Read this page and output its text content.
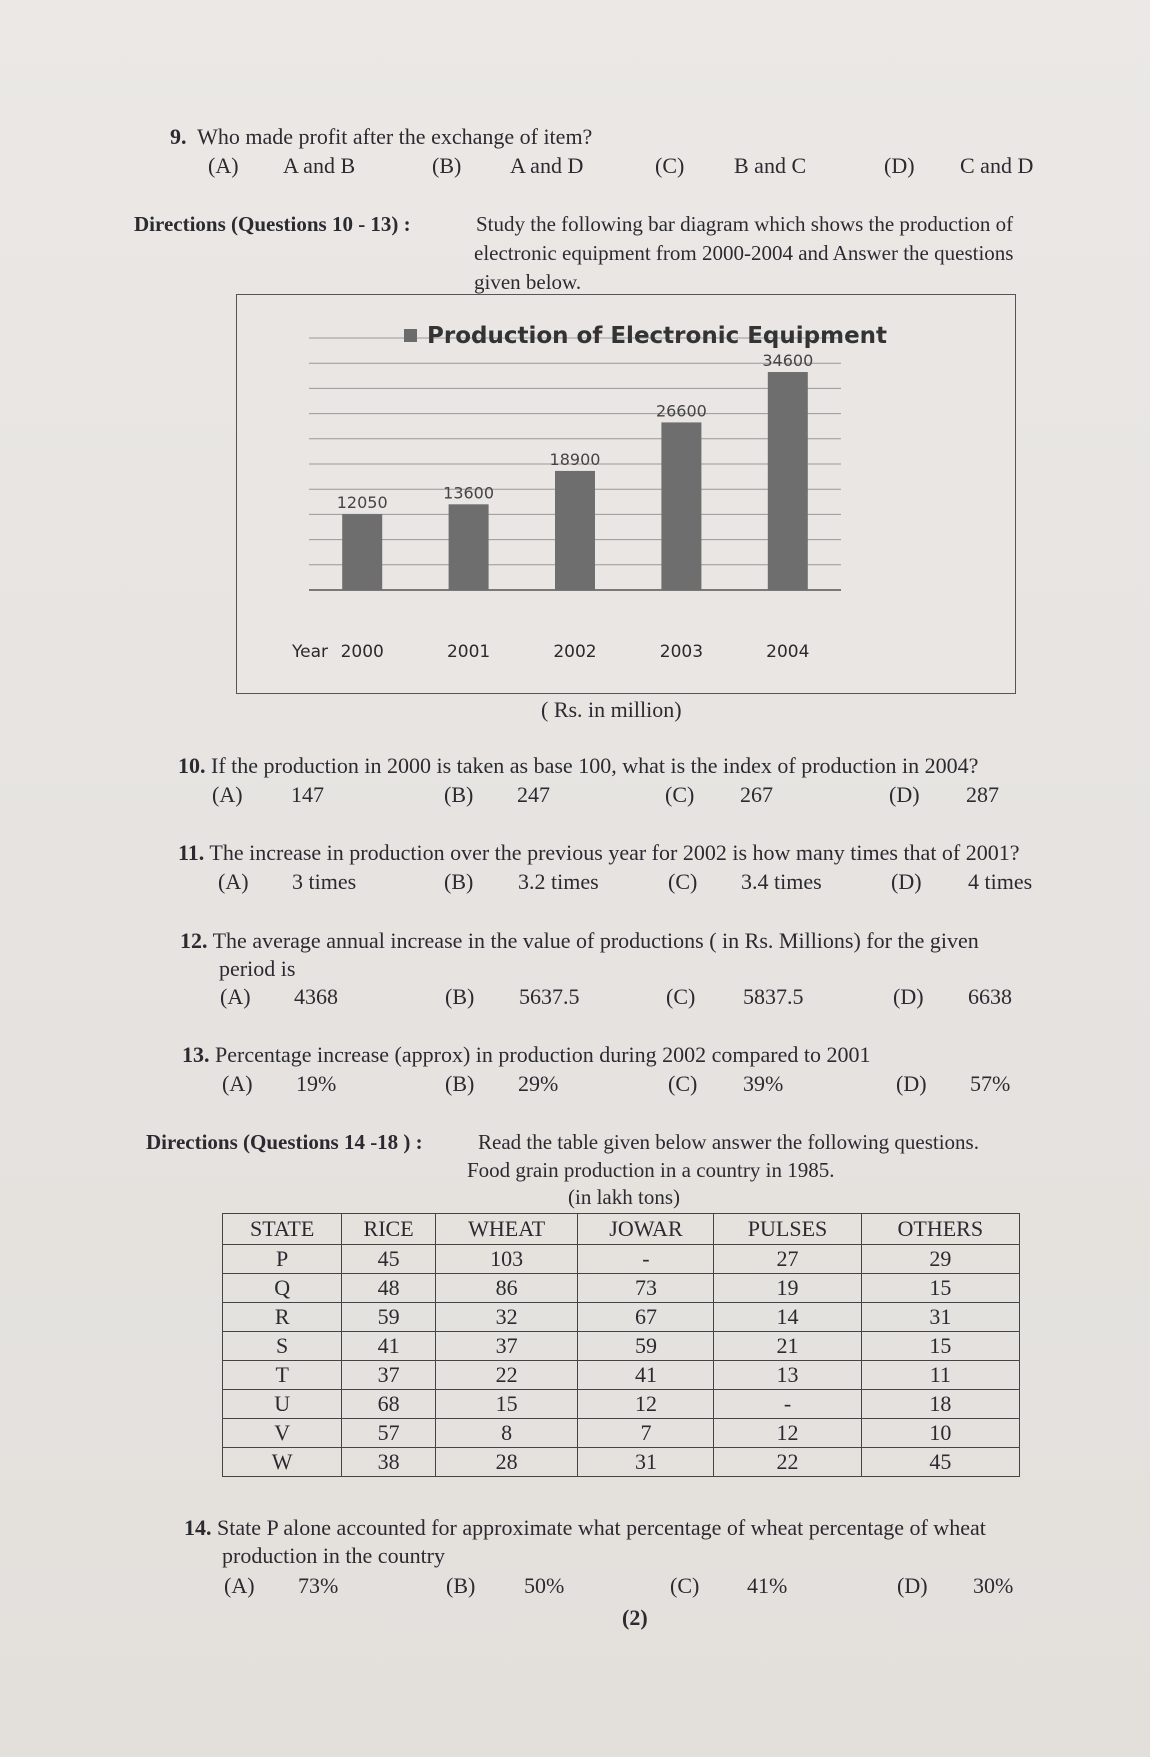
9. Who made profit after the exchange of item?
(A) A and B	(B) A and D	(C) B and C	(D) C and D
Directions (Questions 10 - 13) :	Study the following bar diagram which shows the production of
electronic equipment from 2000-2004 and Answer the questions
given below.
Production of Electronic Equipment
12050
13600
18900
26600
34600
2000	2001	2002	2003	2004
Year
( Rs. in million)
10. If the production in 2000 is taken as base 100, what is the index of production in 2004?
(A) 147	(B) 247	(C) 267	(D) 287
11. The increase in production over the previous year for 2002 is how many times that of 2001?
(A) 3 times	(B) 3.2 times	(C) 3.4 times	(D) 4 times
12. The average annual increase in the value of productions ( in Rs. Millions) for the given
period is
(A) 4368	(B) 5637.5	(C) 5837.5	(D) 6638
13. Percentage increase (approx) in production during 2002 compared to 2001
(A) 19%	(B) 29%	(C) 39%	(D) 57%
Directions (Questions 14 -18 ) :	Read the table given below answer the following questions.
Food grain production in a country in 1985.
(in lakh tons)
STATE	RICE	WHEAT	JOWAR	PULSES	OTHERS
P	45	103	-	27	29
Q	48	86	73	19	15
R	59	32	67	14	31
S	41	37	59	21	15
T	37	22	41	13	11
U	68	15	12	-	18
V	57	8	7	12	10
W	38	28	31	22	45
14. State P alone accounted for approximate what percentage of wheat percentage of wheat
production in the country
(A) 73%	(B) 50%	(C) 41%	(D) 30%
(2)
